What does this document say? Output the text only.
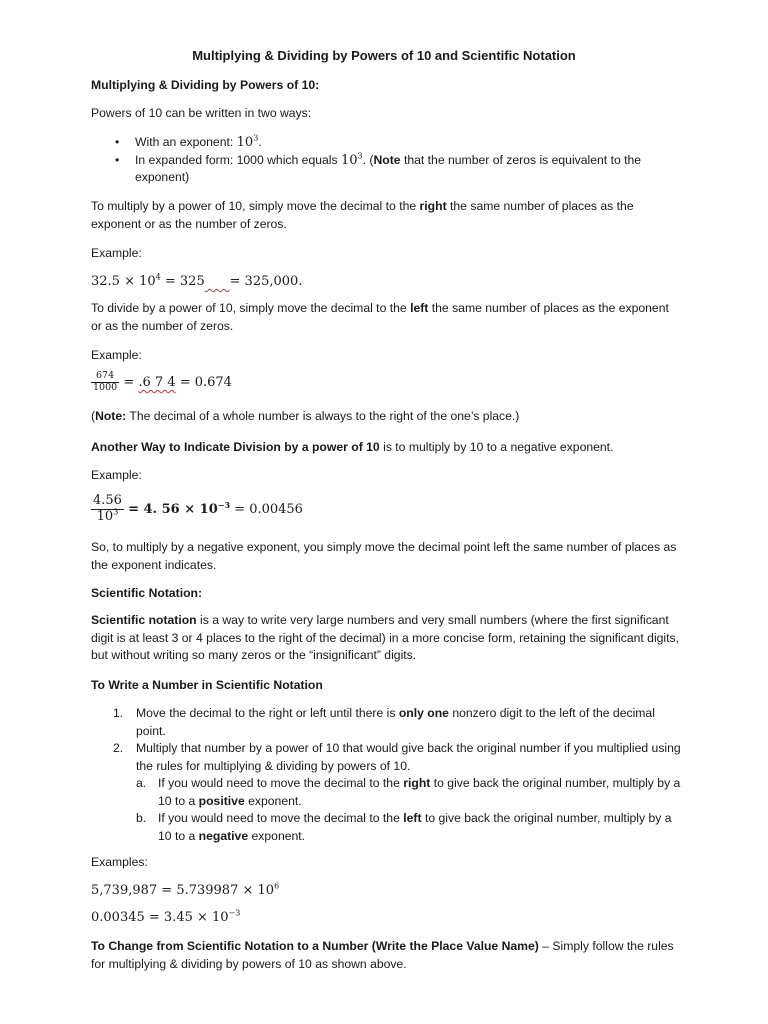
Multiplying & Dividing by Powers of 10 and Scientific Notation

Multiplying & Dividing by Powers of 10:

Powers of 10 can be written in two ways:

• With an exponent: $10^3$.
• In expanded form: 1000 which equals $10^3$. (Note that the number of zeros is equivalent to the exponent)

To multiply by a power of 10, simply move the decimal to the right the same number of places as the exponent or as the number of zeros.

Example:

$32.5 \times 10^4 = 325 = 325,000$.

To divide by a power of 10, simply move the decimal to the left the same number of places as the exponent or as the number of zeros.

Example:

$\frac{674}{1000} = .6$ 7 4 = 0.674

(Note: The decimal of a whole number is always to the right of the one’s place.)

Another Way to Indicate Division by a power of 10 is to multiply by 10 to a negative exponent.

Example:

$\frac{4.56}{10^3} = 4$. $56 \times 10^{-3} = 0.00456$

So, to multiply by a negative exponent, you simply move the decimal point left the same number of places as the exponent indicates.

Scientific Notation:

Scientific notation is a way to write very large numbers and very small numbers (where the first significant digit is at least 3 or 4 places to the right of the decimal) in a more concise form, retaining the significant digits, but without writing so many zeros or the “insignificant” digits.

To Write a Number in Scientific Notation

1. Move the decimal to the right or left until there is only one nonzero digit to the left of the decimal point.
2. Multiply that number by a power of 10 that would give back the original number if you multiplied using the rules for multiplying & dividing by powers of 10.
a. If you would need to move the decimal to the right to give back the original number, multiply by a 10 to a positive exponent.
b. If you would need to move the decimal to the left to give back the original number, multiply by a 10 to a negative exponent.

Examples:

$5,739,987 = 5.739987 \times 10^6$

$0.00345 = 3.45 \times 10^{-3}$

To Change from Scientific Notation to a Number (Write the Place Value Name) – Simply follow the rules for multiplying & dividing by powers of 10 as shown above.
